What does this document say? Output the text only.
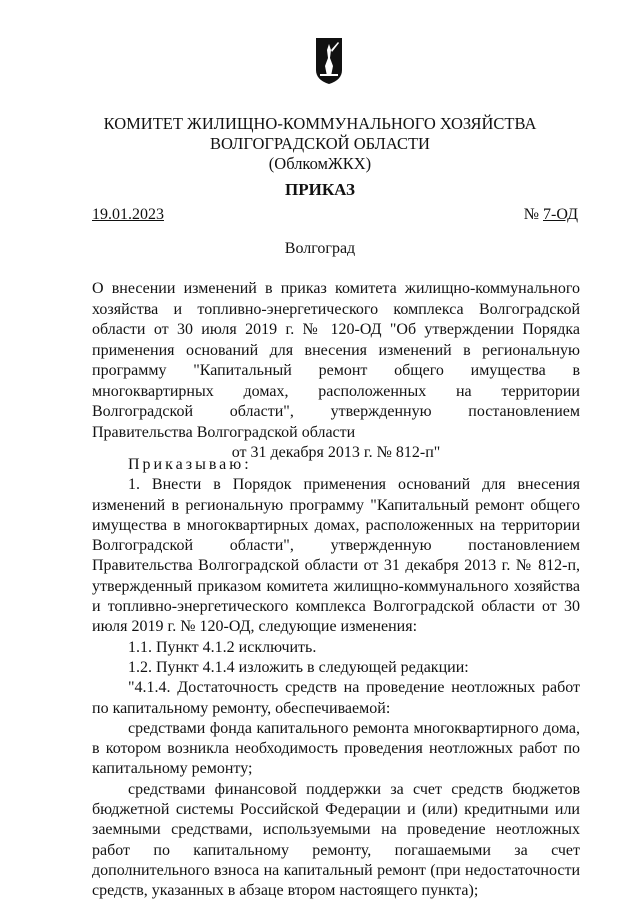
КОМИТЕТ ЖИЛИЩНО-КОММУНАЛЬНОГО ХОЗЯЙСТВА
ВОЛГОГРАДСКОЙ ОБЛАСТИ
(ОблкомЖКХ)
ПРИКАЗ
19.01.2023	№ 7-ОД
Волгоград
О внесении изменений в приказ комитета жилищно-коммунального хозяйства и топливно-энергетического комплекса Волгоградской области от 30 июля 2019 г. № 120-ОД "Об утверждении Порядка применения оснований для внесения изменений в региональную программу "Капитальный ремонт общего имущества в многоквартирных домах, расположенных на территории Волгоградской области", утвержденную постановлением Правительства Волгоградской области
от 31 декабря 2013 г. № 812-п"

Приказываю:

1. Внести в Порядок применения оснований для внесения изменений в региональную программу "Капитальный ремонт общего имущества в многоквартирных домах, расположенных на территории Волгоградской области", утвержденную постановлением Правительства Волгоградской области от 31 декабря 2013 г. № 812-п, утвержденный приказом комитета жилищно-коммунального хозяйства и топливно-энергетического комплекса Волгоградской области от 30 июля 2019 г. № 120-ОД, следующие изменения:

1.1. Пункт 4.1.2 исключить.

1.2. Пункт 4.1.4 изложить в следующей редакции:

"4.1.4. Достаточность средств на проведение неотложных работ по капитальному ремонту, обеспечиваемой:

средствами фонда капитального ремонта многоквартирного дома, в котором возникла необходимость проведения неотложных работ по капитальному ремонту;

средствами финансовой поддержки за счет средств бюджетов бюджетной системы Российской Федерации и (или) кредитными или заемными средствами, используемыми на проведение неотложных работ по капитальному ремонту, погашаемыми за счет дополнительного взноса на капитальный ремонт (при недостаточности средств, указанных в абзаце втором настоящего пункта);
